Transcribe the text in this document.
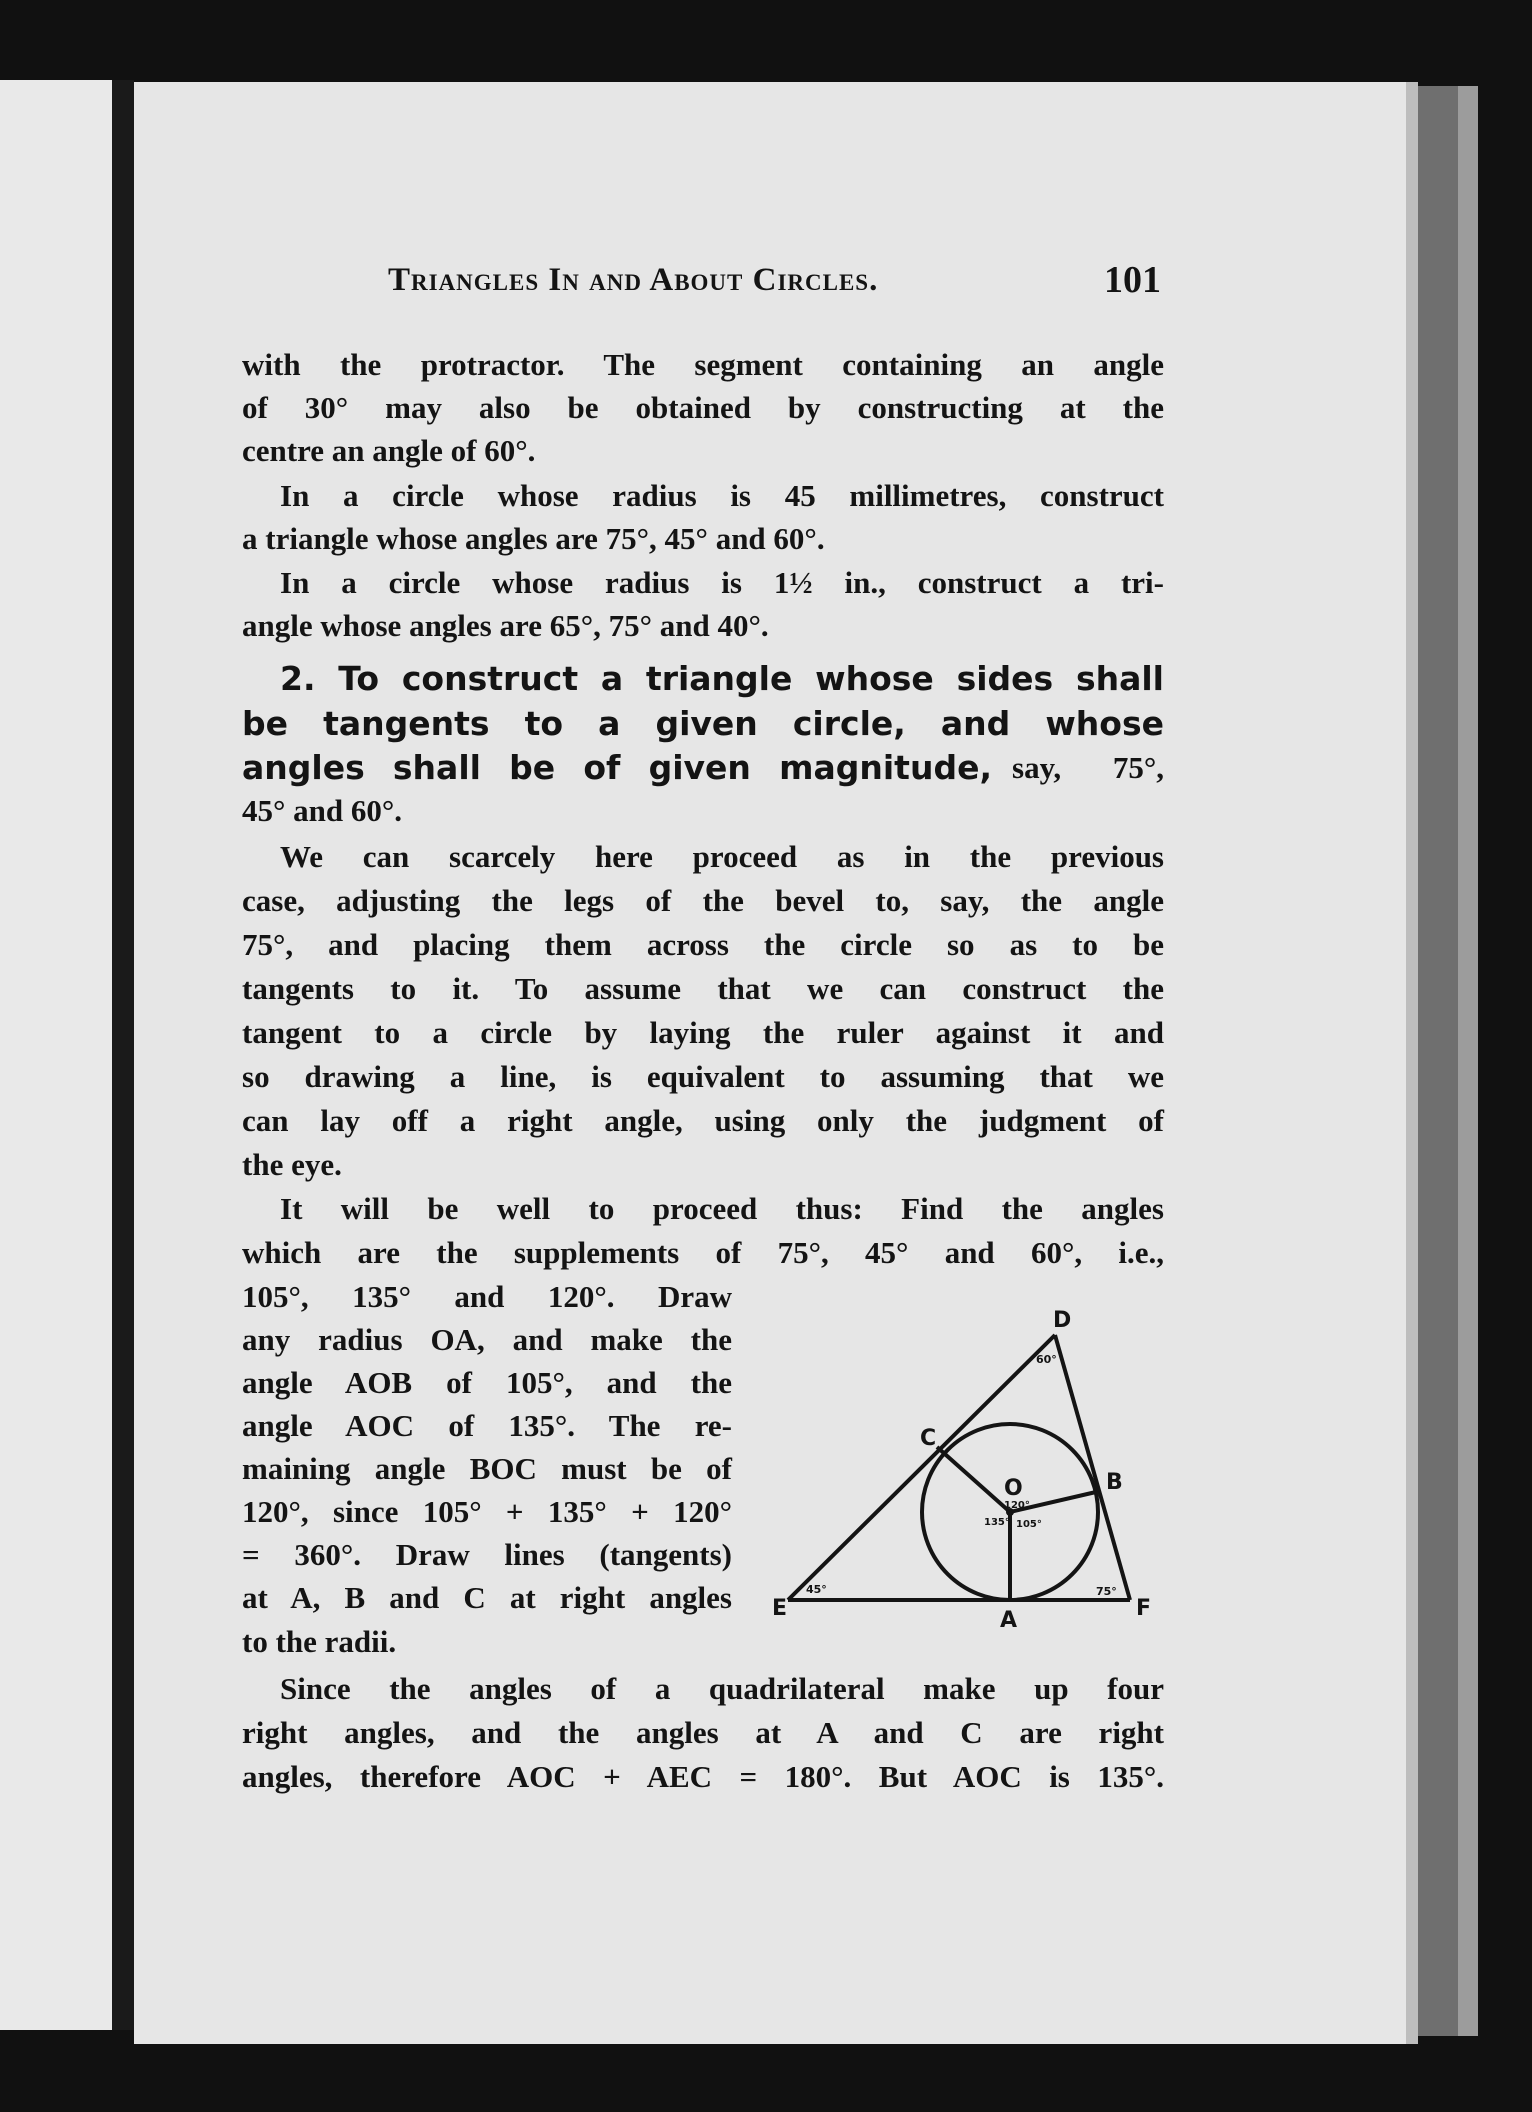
Triangles In and About Circles.	101
with the protractor. The segment containing an angle
of 30° may also be obtained by constructing at the
centre an angle of 60°.
In a circle whose radius is 45 millimetres, construct
a triangle whose angles are 75°, 45° and 60°.
In a circle whose radius is 1½ in., construct a tri-
angle whose angles are 65°, 75° and 40°.
2. To construct a triangle whose sides shall
be tangents to a given circle, and whose
angles shall be of given magnitude, say, 75°,
45° and 60°.
We can scarcely here proceed as in the previous
case, adjusting the legs of the bevel to, say, the angle
75°, and placing them across the circle so as to be
tangents to it. To assume that we can construct the
tangent to a circle by laying the ruler against it and
so drawing a line, is equivalent to assuming that we
can lay off a right angle, using only the judgment of
the eye.
It will be well to proceed thus: Find the angles
which are the supplements of 75°, 45° and 60°, i.e.,
105°, 135° and 120°. Draw
any radius OA, and make the
angle AOB of 105°, and the
angle AOC of 135°. The re-
maining angle BOC must be of
120°, since 105° + 135° + 120°
= 360°. Draw lines (tangents)
at A, B and C at right angles
to the radii.
Since the angles of a quadrilateral make up four
right angles, and the angles at A and C are right
angles, therefore AOC + AEC = 180°. But AOC is 135°.
D
C
O	B
E	A	F
60°
120°
135° 105°
45°	75°
